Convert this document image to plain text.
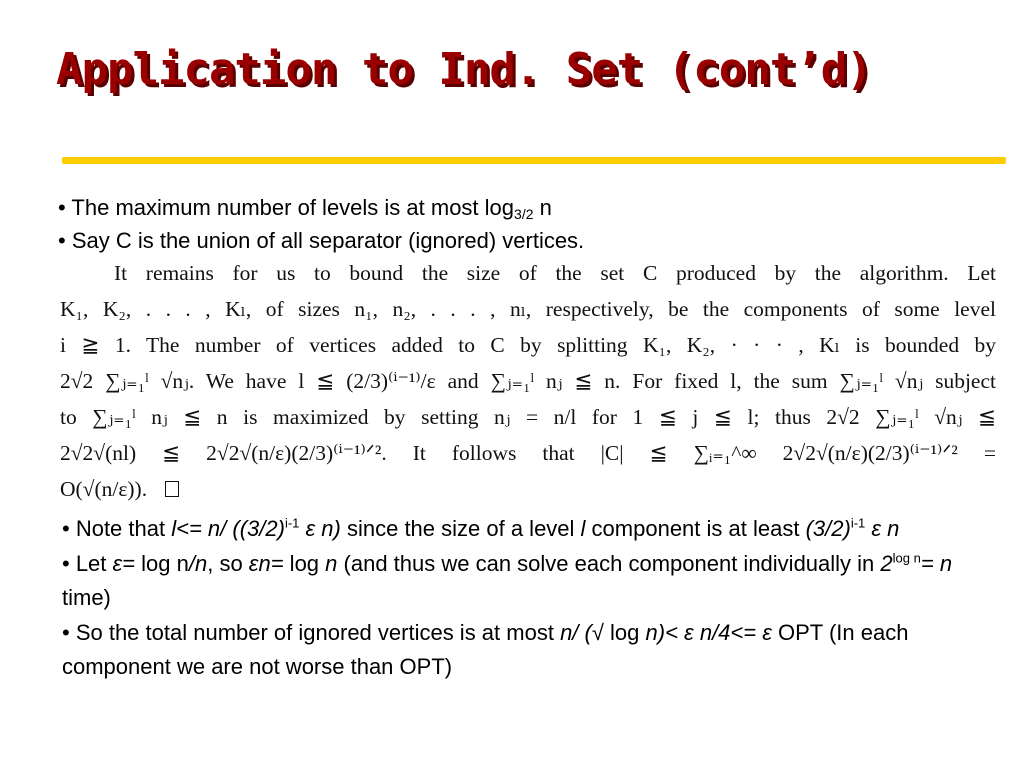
Application to Ind. Set (cont’d)
• The maximum number of levels is at most $\log_{3/2} n$
• Say C is the union of all separator (ignored) vertices.
It remains for us to bound the size of the set C produced by the algorithm. Let
K₁, K₂, . . . , Kₗ, of sizes n₁, n₂, . . . , nₗ, respectively, be the components of some level
i ≧ 1. The number of vertices added to C by splitting K₁, K₂, · · · , Kₗ is bounded by
2√2 ∑ⱼ₌₁ˡ √nⱼ. We have l ≦ (2/3)⁽ⁱ⁻¹⁾/ε and ∑ⱼ₌₁ˡ nⱼ ≦ n. For fixed l, the sum ∑ⱼ₌₁ˡ √nⱼ subject
to ∑ⱼ₌₁ˡ nⱼ ≦ n is maximized by setting nⱼ = n/l for 1 ≦ j ≦ l; thus 2√2 ∑ⱼ₌₁ˡ √nⱼ ≦
2√2√(nl) ≦ 2√2√(n/ε)(2/3)⁽ⁱ⁻¹⁾ᐟ². It follows that |C| ≦ ∑ᵢ₌₁^∞ 2√2√(n/ε)(2/3)⁽ⁱ⁻¹⁾ᐟ² =
O(√(n/ε)).
• Note that l<= n/ ($(3/2)^{i-1}$ ε n) since the size of a level l component is at least $(3/2)^{i-1}$ ε n
• Let ε= log n/n, so εn= log n (and thus we can solve each component individually in $2^{log n}= n$ time)
• So the total number of ignored vertices is at most n/ (√ log n)< ε n/4<= ε OPT (In each component we are not worse than OPT)
